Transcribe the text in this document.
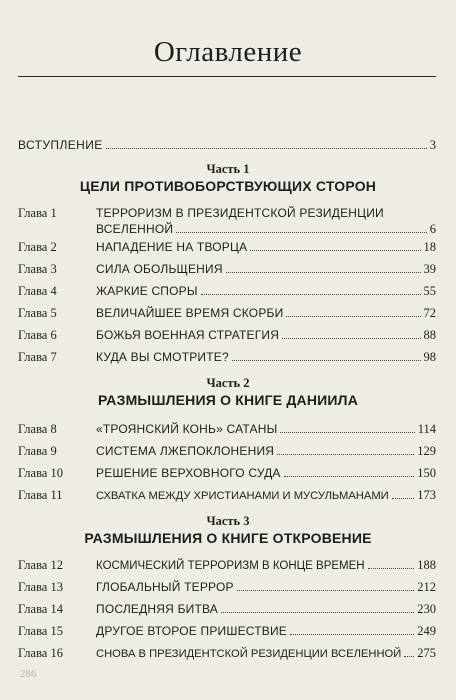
Оглавление
ВСТУПЛЕНИЕ	3
Часть 1
ЦЕЛИ ПРОТИВОБОРСТВУЮЩИХ СТОРОН
Глава 1	ТЕРРОРИЗМ В ПРЕЗИДЕНТСКОЙ РЕЗИДЕНЦИИ
ВСЕЛЕННОЙ	6
Глава 2	НАПАДЕНИЕ НА ТВОРЦА	18
Глава 3	СИЛА ОБОЛЬЩЕНИЯ	39
Глава 4	ЖАРКИЕ СПОРЫ	55
Глава 5	ВЕЛИЧАЙШЕЕ ВРЕМЯ СКОРБИ	72
Глава 6	БОЖЬЯ ВОЕННАЯ СТРАТЕГИЯ	88
Глава 7	КУДА ВЫ СМОТРИТЕ?	98
Часть 2
РАЗМЫШЛЕНИЯ О КНИГЕ ДАНИИЛА
Глава 8	«ТРОЯНСКИЙ КОНЬ» САТАНЫ	114
Глава 9	СИСТЕМА ЛЖЕПОКЛОНЕНИЯ	129
Глава 10	РЕШЕНИЕ ВЕРХОВНОГО СУДА	150
Глава 11	СХВАТКА МЕЖДУ ХРИСТИАНАМИ И МУСУЛЬМАНАМИ 173
Часть 3
РАЗМЫШЛЕНИЯ О КНИГЕ ОТКРОВЕНИЕ
Глава 12	КОСМИЧЕСКИЙ ТЕРРОРИЗМ В КОНЦЕ ВРЕМЕН	188
Глава 13	ГЛОБАЛЬНЫЙ ТЕРРОР	212
Глава 14	ПОСЛЕДНЯЯ БИТВА	230
Глава 15	ДРУГОЕ ВТОРОЕ ПРИШЕСТВИЕ	249
Глава 16	СНОВА В ПРЕЗИДЕНТСКОЙ РЕЗИДЕНЦИИ ВСЕЛЕННОЙ 275
286
